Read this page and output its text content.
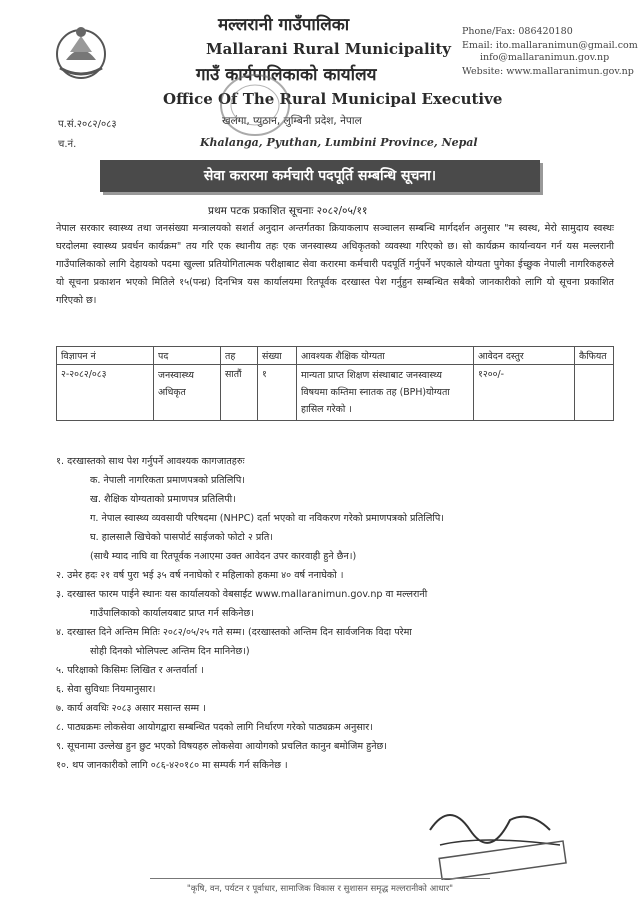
मल्लरानी गाउँपालिका
Mallarani Rural Municipality
गाउँ कार्यपालिकाको कार्यालय
Office Of The Rural Municipal Executive
खलंगा, प्युठान, लुम्बिनी प्रदेश, नेपाल
Khalanga, Pyuthan, Lumbini Province, Nepal
प.सं.२०८२/०८३
च.नं.
Phone/Fax: 086420180
Email: ito.mallaranimun@gmail.com
info@mallaranimun.gov.np
Website: www.mallaranimun.gov.np
सेवा करारमा कर्मचारी पदपूर्ति सम्बन्धि सूचना।
प्रथम पटक प्रकाशित सूचनाः २०८२/०५/११
नेपाल सरकार स्वास्थ्य तथा जनसंख्या मन्त्रालयको सशर्त अनुदान अन्तर्गतका क्रियाकलाप सञ्चालन सम्बन्धि मार्गदर्शन अनुसार "म स्वस्थ, मेरो सामुदाय स्वस्थः घरदोलमा स्वास्थ्य प्रवर्धन कार्यक्रम" तय गरि एक स्थानीय तहः एक जनस्वास्थ्य अधिकृतको व्यवस्था गरिएको छ। सो कार्यक्रम कार्यान्वयन गर्न यस मल्लरानी गाउँपालिकाको लागि देहायको पदमा खुल्ला प्रतियोगितात्मक परीक्षाबाट सेवा करारमा कर्मचारी पदपूर्ति गर्नुपर्ने भएकाले योग्यता पुगेका ईच्छुक नेपाली नागरिकहरुले यो सूचना प्रकाशन भएको मितिले १५(पन्ध्र) दिनभित्र यस कार्यालयमा रितपूर्वक दरखास्त पेश गर्नुहुन सम्बन्धित सबैको जानकारीको लागि यो सूचना प्रकाशित गरिएको छ।
विज्ञापन नं	पद	तह	संख्या	आवश्यक शैक्षिक योग्यता	आवेदन दस्तुर	कैफियत
२-२०८२/०८३	जनस्वास्थ्य अधिकृत	सातौं	१	मान्यता प्राप्त शिक्षण संस्थाबाट जनस्वास्थ्य विषयमा कम्तिमा स्नातक तह (BPH)योग्यता हासिल गरेको ।	१२००/-	
१. दरखास्तको साथ पेश गर्नुपर्ने आवश्यक कागजातहरुः
क. नेपाली नागरिकता प्रमाणपत्रको प्रतिलिपि।
ख. शैक्षिक योग्यताको प्रमाणपत्र प्रतिलिपी।
ग. नेपाल स्वास्थ्य व्यवसायी परिषदमा (NHPC) दर्ता भएको वा नविकरण गरेको प्रमाणपत्रको प्रतिलिपि।
घ. हालसालै खिचेको पासपोर्ट साईजको फोटो २ प्रति।
(साथै म्याद नाघि वा रितपूर्वक नआएमा उक्त आवेदन उपर कारवाही हुने छैन।)
२. उमेर हदः २१ वर्ष पुरा भई ३५ वर्ष ननाघेको र महिलाको हकमा ४० वर्ष ननाघेको ।
३. दरखास्त फारम पाईने स्थानः यस कार्यालयको वेबसाईट www.mallaranimun.gov.np वा मल्लरानी
गाउँपालिकाको कार्यालयबाट प्राप्त गर्न सकिनेछ।
४. दरखास्त दिने अन्तिम मितिः २०८२/०५/२५ गते सम्म। (दरखास्तको अन्तिम दिन सार्वजनिक विदा परेमा
सोही दिनको भोलिपल्ट अन्तिम दिन मानिनेछ।)
५. परिक्षाको किसिमः लिखित र अन्तर्वार्ता ।
६. सेवा सुविधाः नियमानुसार।
७. कार्य अवधिः २०८३ असार मसान्त सम्म ।
८. पाठ्यक्रमः लोकसेवा आयोगद्वारा सम्बन्धित पदको लागि निर्धारण गरेको पाठ्यक्रम अनुसार।
९. सूचनामा उल्लेख हुन छुट भएको विषयहरु लोकसेवा आयोगको प्रचलित कानुन बमोजिम हुनेछ।
१०. थप जानकारीको लागि ०८६-४२०१८० मा सम्पर्क गर्न सकिनेछ ।
"कृषि, वन, पर्यटन र पूर्वाधार, सामाजिक विकास र सुशासन समृद्ध मल्लरानीको आधार"
